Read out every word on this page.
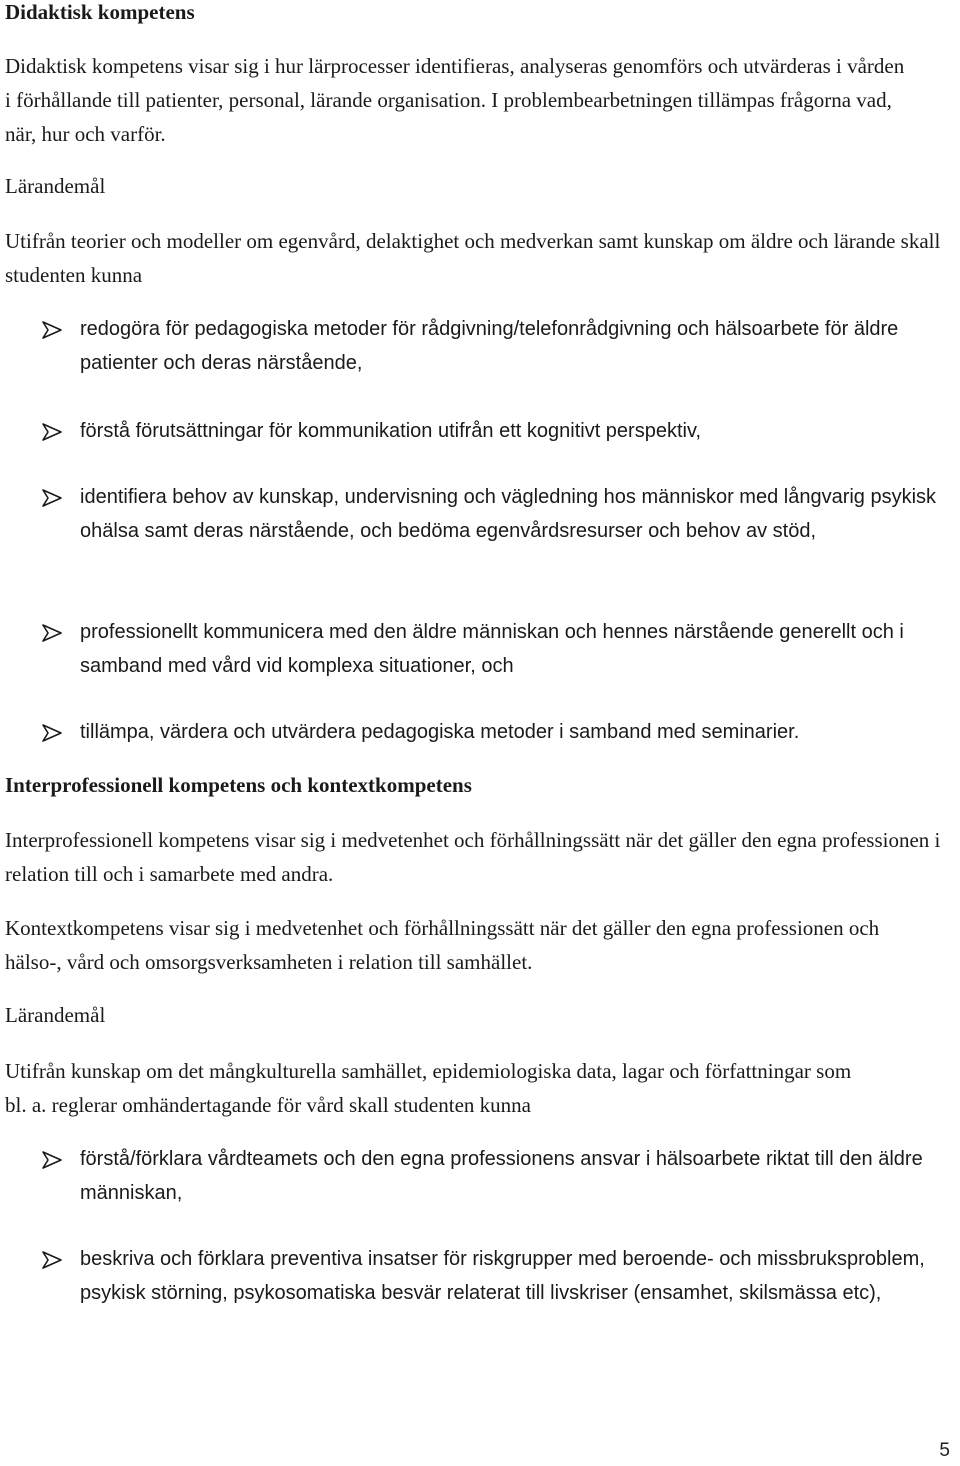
Didaktisk kompetens

Didaktisk kompetens visar sig i hur lärprocesser identifieras, analyseras genomförs och utvärderas i vården i förhållande till patienter, personal, lärande organisation. I problembearbetningen tillämpas frågorna vad, när, hur och varför.

Lärandemål

Utifrån teorier och modeller om egenvård, delaktighet och medverkan samt kunskap om äldre och lärande skall studenten kunna

redogöra för pedagogiska metoder för rådgivning/telefonrådgivning och hälsoarbete för äldre patienter och deras närstående,
förstå förutsättningar för kommunikation utifrån ett kognitivt perspektiv,
identifiera behov av kunskap, undervisning och vägledning hos människor med långvarig psykisk ohälsa samt deras närstående, och bedöma egenvårdsresurser och behov av stöd,
professionellt kommunicera med den äldre människan och hennes närstående generellt och i samband med vård vid komplexa situationer, och
tillämpa, värdera och utvärdera pedagogiska metoder i samband med seminarier.

Interprofessionell kompetens och kontextkompetens

Interprofessionell kompetens visar sig i medvetenhet och förhållningssätt när det gäller den egna professionen i relation till och i samarbete med andra.

Kontextkompetens visar sig i medvetenhet och förhållningssätt när det gäller den egna professionen och hälso-, vård och omsorgsverksamheten i relation till samhället.

Lärandemål

Utifrån kunskap om det mångkulturella samhället, epidemiologiska data, lagar och författningar som bl. a. reglerar omhändertagande för vård skall studenten kunna

förstå/förklara vårdteamets och den egna professionens ansvar i hälsoarbete riktat till den äldre människan,
beskriva och förklara preventiva insatser för riskgrupper med beroende- och missbruksproblem, psykisk störning, psykosomatiska besvär relaterat till livskriser (ensamhet, skilsmässa etc),
5
